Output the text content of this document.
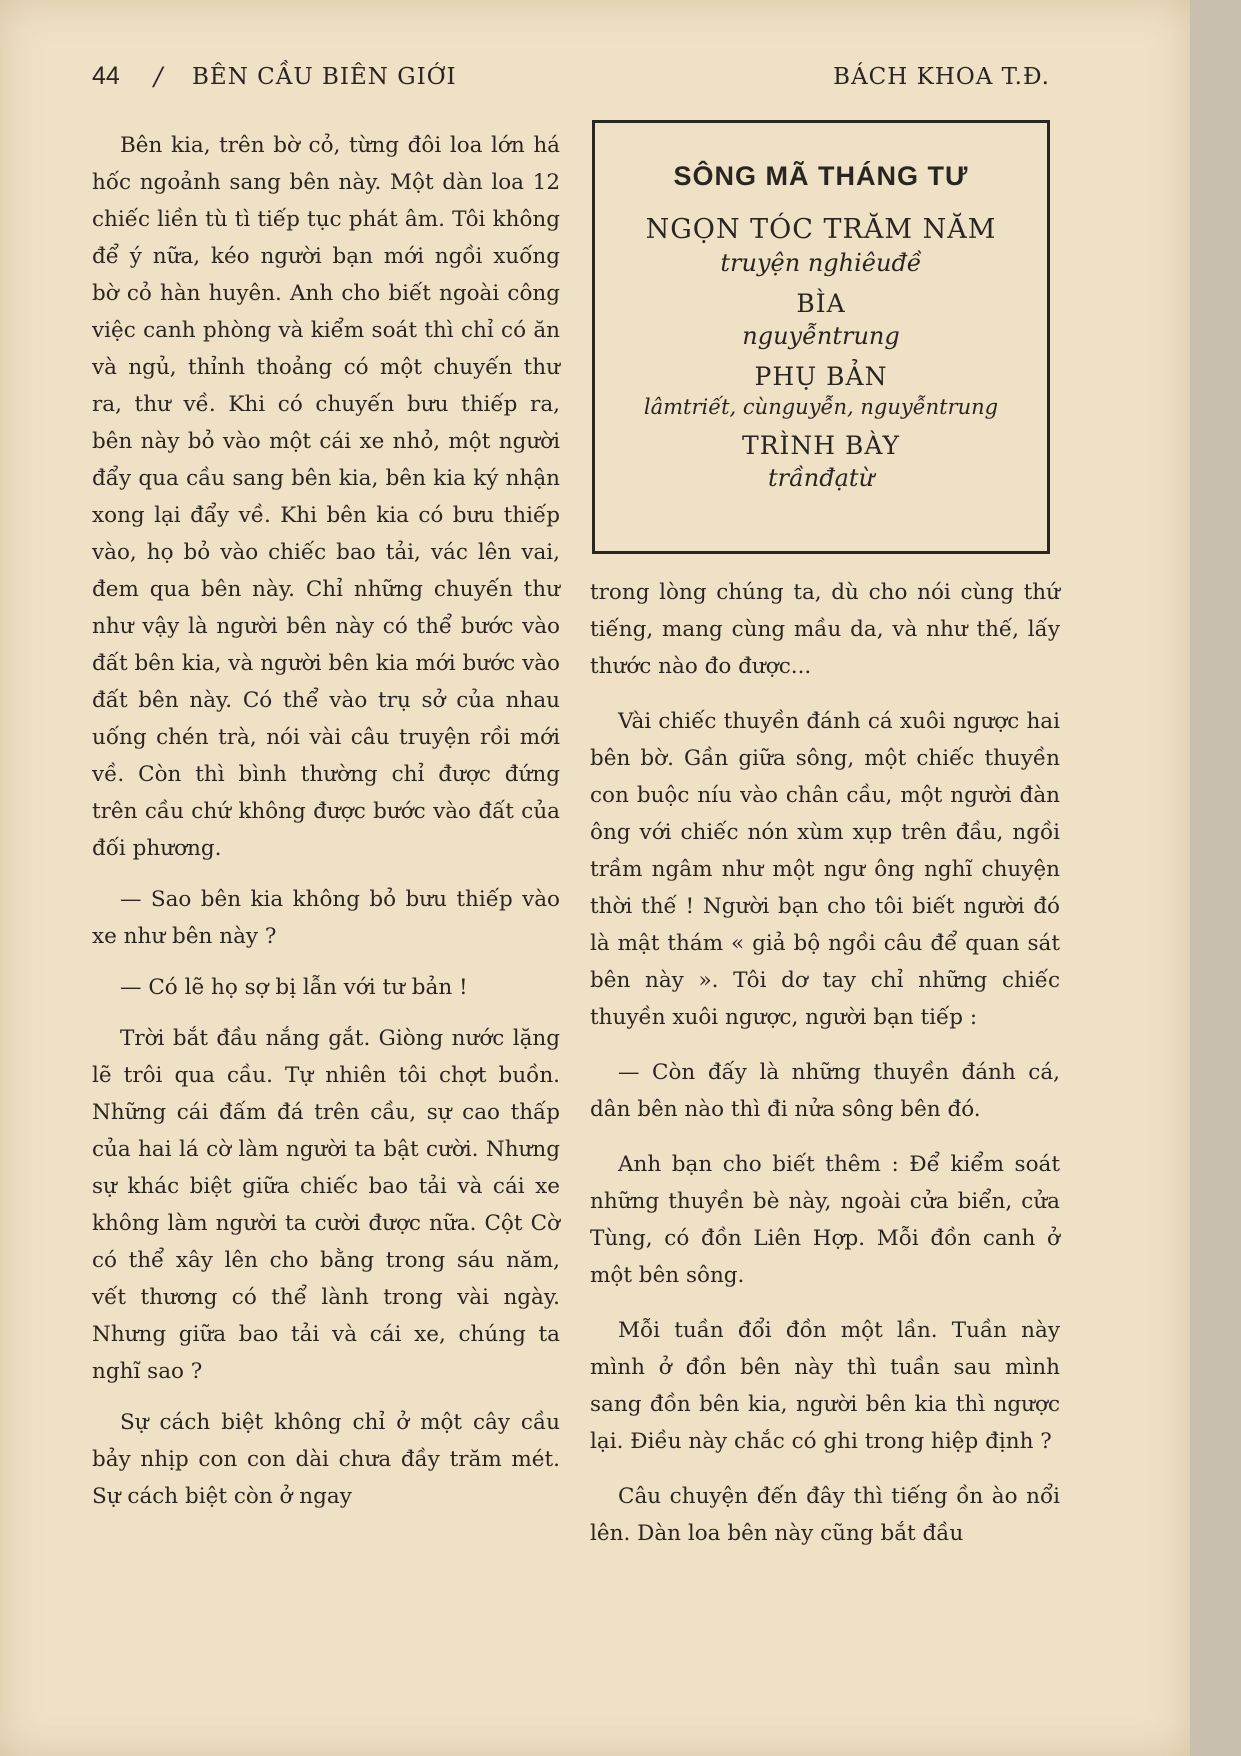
44 / BÊN CẦU BIÊN GIỚI	BÁCH KHOA T.Đ.

Bên kia, trên bờ cỏ, từng đôi loa lớn há hốc ngoảnh sang bên này. Một dàn loa 12 chiếc liền tù tì tiếp tục phát âm. Tôi không để ý nữa, kéo người bạn mới ngồi xuống bờ cỏ hàn huyên. Anh cho biết ngoài công việc canh phòng và kiểm soát thì chỉ có ăn và ngủ, thỉnh thoảng có một chuyến thư ra, thư về. Khi có chuyến bưu thiếp ra, bên này bỏ vào một cái xe nhỏ, một người đẩy qua cầu sang bên kia, bên kia ký nhận xong lại đẩy về. Khi bên kia có bưu thiếp vào, họ bỏ vào chiếc bao tải, vác lên vai, đem qua bên này. Chỉ những chuyến thư như vậy là người bên này có thể bước vào đất bên kia, và người bên kia mới bước vào đất bên này. Có thể vào trụ sở của nhau uống chén trà, nói vài câu truyện rồi mới về. Còn thì bình thường chỉ được đứng trên cầu chứ không được bước vào đất của đối phương.

— Sao bên kia không bỏ bưu thiếp vào xe như bên này ?

— Có lẽ họ sợ bị lẫn với tư bản !

Trời bắt đầu nắng gắt. Giòng nước lặng lẽ trôi qua cầu. Tự nhiên tôi chợt buồn. Những cái đấm đá trên cầu, sự cao thấp của hai lá cờ làm người ta bật cười. Nhưng sự khác biệt giữa chiếc bao tải và cái xe không làm người ta cười được nữa. Cột Cờ có thể xây lên cho bằng trong sáu năm, vết thương có thể lành trong vài ngày. Nhưng giữa bao tải và cái xe, chúng ta nghĩ sao ?

Sự cách biệt không chỉ ở một cây cầu bảy nhịp con con dài chưa đầy trăm mét. Sự cách biệt còn ở ngay

SÔNG MÃ THÁNG TƯ
NGỌN TÓC TRĂM NĂM
truyện nghiêuđề
BÌA
nguyễntrung
PHỤ BẢN
lâmtriết, cùnguyễn, nguyễntrung
TRÌNH BÀY
trầnđạtừ

trong lòng chúng ta, dù cho nói cùng thứ tiếng, mang cùng mầu da, và như thế, lấy thước nào đo được...

Vài chiếc thuyền đánh cá xuôi ngược hai bên bờ. Gần giữa sông, một chiếc thuyền con buộc níu vào chân cầu, một người đàn ông với chiếc nón xùm xụp trên đầu, ngồi trầm ngâm như một ngư ông nghĩ chuyện thời thế ! Người bạn cho tôi biết người đó là mật thám « giả bộ ngồi câu để quan sát bên này ». Tôi dơ tay chỉ những chiếc thuyền xuôi ngược, người bạn tiếp :

— Còn đấy là những thuyền đánh cá, dân bên nào thì đi nửa sông bên đó.

Anh bạn cho biết thêm : Để kiểm soát những thuyền bè này, ngoài cửa biển, cửa Tùng, có đồn Liên Hợp. Mỗi đồn canh ở một bên sông.

Mỗi tuần đổi đồn một lần. Tuần này mình ở đồn bên này thì tuần sau mình sang đồn bên kia, người bên kia thì ngược lại. Điều này chắc có ghi trong hiệp định ?

Câu chuyện đến đây thì tiếng ồn ào nổi lên. Dàn loa bên này cũng bắt đầu
